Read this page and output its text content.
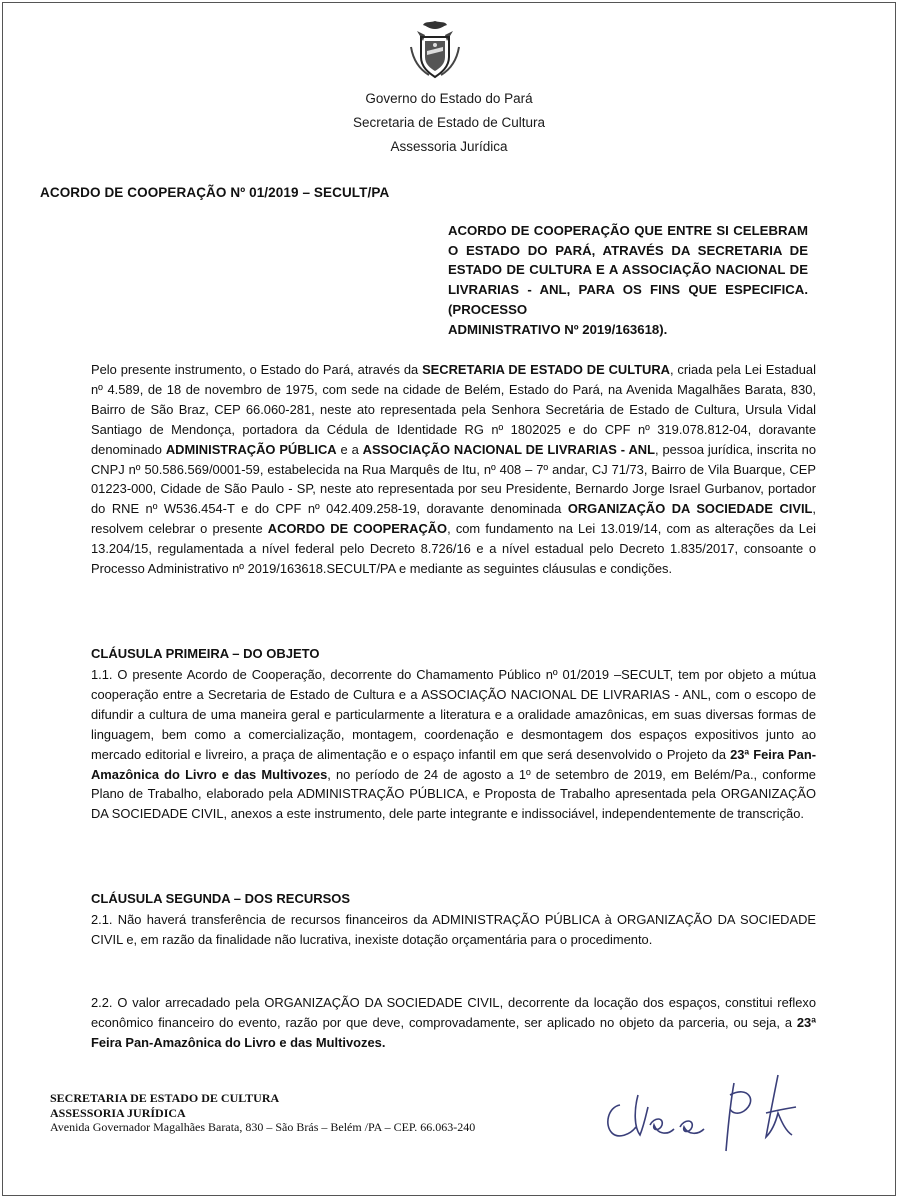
Governo do Estado do Pará
Secretaria de Estado de Cultura
Assessoria Jurídica
ACORDO DE COOPERAÇÃO Nº 01/2019 – SECULT/PA
ACORDO DE COOPERAÇÃO QUE ENTRE SI CELEBRAM O ESTADO DO PARÁ, ATRAVÉS DA SECRETARIA DE ESTADO DE CULTURA E A ASSOCIAÇÃO NACIONAL DE LIVRARIAS - ANL, PARA OS FINS QUE ESPECIFICA. (PROCESSO
ADMINISTRATIVO Nº 2019/163618).
Pelo presente instrumento, o Estado do Pará, através da SECRETARIA DE ESTADO DE CULTURA, criada pela Lei Estadual nº 4.589, de 18 de novembro de 1975, com sede na cidade de Belém, Estado do Pará, na Avenida Magalhães Barata, 830, Bairro de São Braz, CEP 66.060-281, neste ato representada pela Senhora Secretária de Estado de Cultura, Ursula Vidal Santiago de Mendonça, portadora da Cédula de Identidade RG nº 1802025 e do CPF nº 319.078.812-04, doravante denominado ADMINISTRAÇÃO PÚBLICA e a ASSOCIAÇÃO NACIONAL DE LIVRARIAS - ANL, pessoa jurídica, inscrita no CNPJ nº 50.586.569/0001-59, estabelecida na Rua Marquês de Itu, nº 408 – 7º andar, CJ 71/73, Bairro de Vila Buarque, CEP 01223-000, Cidade de São Paulo - SP, neste ato representada por seu Presidente, Bernardo Jorge Israel Gurbanov, portador do RNE nº W536.454-T e do CPF nº 042.409.258-19, doravante denominada ORGANIZAÇÃO DA SOCIEDADE CIVIL, resolvem celebrar o presente ACORDO DE COOPERAÇÃO, com fundamento na Lei 13.019/14, com as alterações da Lei 13.204/15, regulamentada a nível federal pelo Decreto 8.726/16 e a nível estadual pelo Decreto 1.835/2017, consoante o Processo Administrativo nº 2019/163618.SECULT/PA e mediante as seguintes cláusulas e condições.
CLÁUSULA PRIMEIRA – DO OBJETO
1.1. O presente Acordo de Cooperação, decorrente do Chamamento Público nº 01/2019 –SECULT, tem por objeto a mútua cooperação entre a Secretaria de Estado de Cultura e a ASSOCIAÇÃO NACIONAL DE LIVRARIAS - ANL, com o escopo de difundir a cultura de uma maneira geral e particularmente a literatura e a oralidade amazônicas, em suas diversas formas de linguagem, bem como a comercialização, montagem, coordenação e desmontagem dos espaços expositivos junto ao mercado editorial e livreiro, a praça de alimentação e o espaço infantil em que será desenvolvido o Projeto da 23ª Feira Pan- Amazônica do Livro e das Multivozes, no período de 24 de agosto a 1º de setembro de 2019, em Belém/Pa., conforme Plano de Trabalho, elaborado pela ADMINISTRAÇÃO PÚBLICA, e Proposta de Trabalho apresentada pela ORGANIZAÇÃO DA SOCIEDADE CIVIL, anexos a este instrumento, dele parte integrante e indissociável, independentemente de transcrição.
CLÁUSULA SEGUNDA – DOS RECURSOS
2.1. Não haverá transferência de recursos financeiros da ADMINISTRAÇÃO PÚBLICA à ORGANIZAÇÃO DA SOCIEDADE CIVIL e, em razão da finalidade não lucrativa, inexiste dotação orçamentária para o procedimento.
2.2. O valor arrecadado pela ORGANIZAÇÃO DA SOCIEDADE CIVIL, decorrente da locação dos espaços, constitui reflexo econômico financeiro do evento, razão por que deve, comprovadamente, ser aplicado no objeto da parceria, ou seja, a 23ª Feira Pan-Amazônica do Livro e das Multivozes.
SECRETARIA DE ESTADO DE CULTURA
ASSESSORIA JURÍDICA
Avenida Governador Magalhães Barata, 830 – São Brás – Belém /PA – CEP. 66.063-240
